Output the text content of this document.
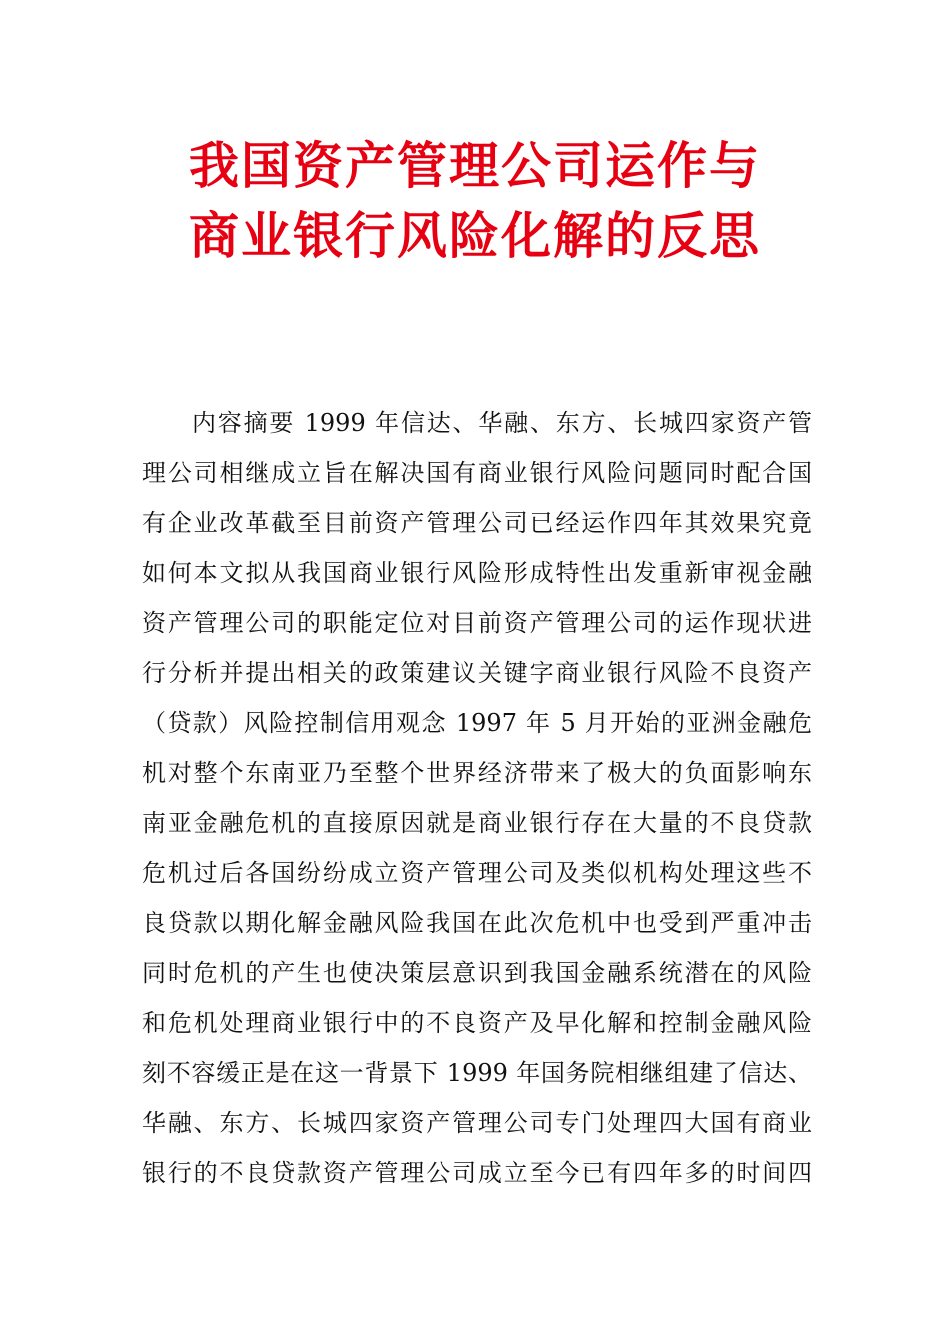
我国资产管理公司运作与
商业银行风险化解的反思
内容摘要 1999 年信达、华融、东方、长城四家资产管
理公司相继成立旨在解决国有商业银行风险问题同时配合国
有企业改革截至目前资产管理公司已经运作四年其效果究竟
如何本文拟从我国商业银行风险形成特性出发重新审视金融
资产管理公司的职能定位对目前资产管理公司的运作现状进
行分析并提出相关的政策建议关键字商业银行风险不良资产
（贷款）风险控制信用观念 1997 年 5 月开始的亚洲金融危
机对整个东南亚乃至整个世界经济带来了极大的负面影响东
南亚金融危机的直接原因就是商业银行存在大量的不良贷款
危机过后各国纷纷成立资产管理公司及类似机构处理这些不
良贷款以期化解金融风险我国在此次危机中也受到严重冲击
同时危机的产生也使决策层意识到我国金融系统潜在的风险
和危机处理商业银行中的不良资产及早化解和控制金融风险
刻不容缓正是在这一背景下 1999 年国务院相继组建了信达、
华融、东方、长城四家资产管理公司专门处理四大国有商业
银行的不良贷款资产管理公司成立至今已有四年多的时间四
